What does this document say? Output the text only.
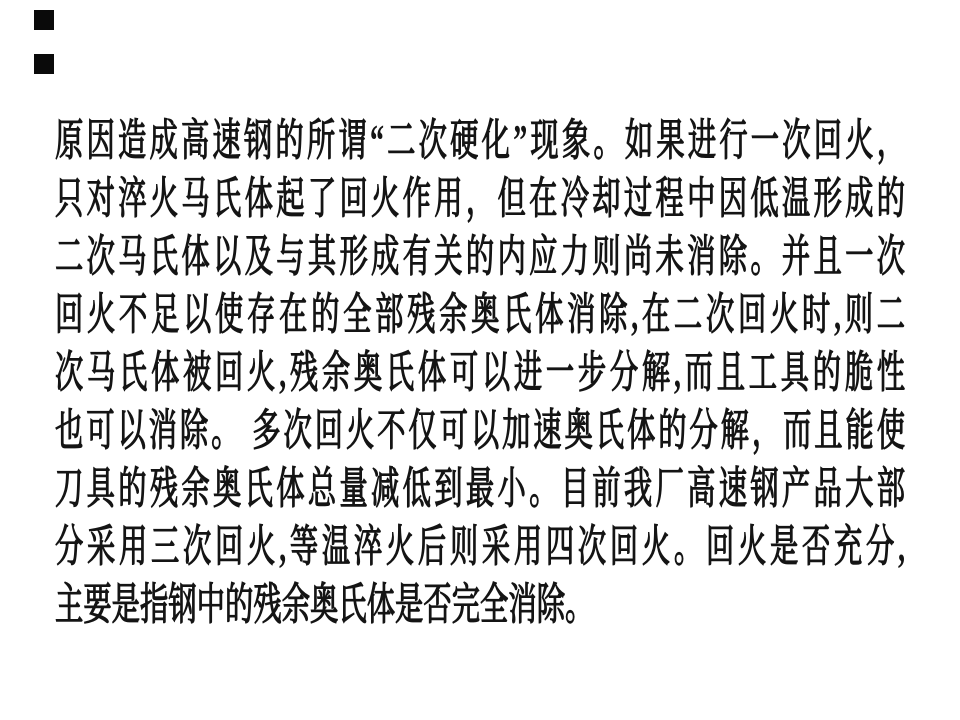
原因造成高速钢的所谓“二次硬化”现象。如果进行一次回火，
只对淬火马氏体起了回火作用，但在冷却过程中因低温形成的
二次马氏体以及与其形成有关的内应力则尚未消除。并且一次
回火不足以使存在的全部残余奥氏体消除,在二次回火时,则二
次马氏体被回火,残余奥氏体可以进一步分解,而且工具的脆性
也可以消除。 多次回火不仅可以加速奥氏体的分解，而且能使
刀具的残余奥氏体总量减低到最小。目前我厂高速钢产品大部
分采用三次回火,等温淬火后则采用四次回火。回火是否充分,
主要是指钢中的残余奥氏体是否完全消除。
